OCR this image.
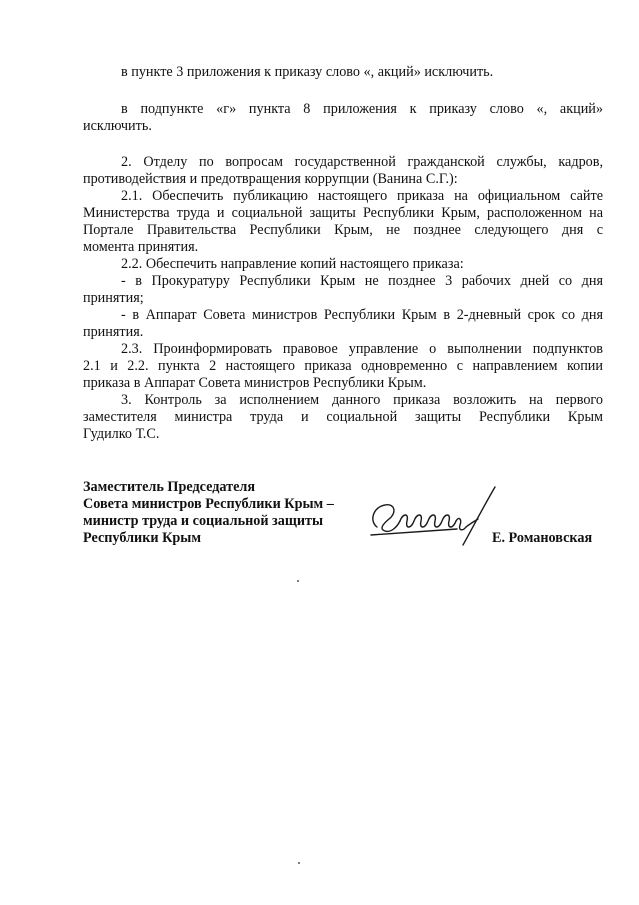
в пункте 3 приложения к приказу слово «, акций» исключить.
в подпункте «г» пункта 8 приложения к приказу слово «, акций»
исключить.
2. Отделу по вопросам государственной гражданской службы, кадров,
противодействия и предотвращения коррупции (Ванина С.Г.):
2.1. Обеспечить публикацию настоящего приказа на официальном сайте
Министерства труда и социальной защиты Республики Крым, расположенном на
Портале Правительства Республики Крым, не позднее следующего дня с
момента принятия.
2.2. Обеспечить направление копий настоящего приказа:
- в Прокуратуру Республики Крым не позднее 3 рабочих дней со дня
принятия;
- в Аппарат Совета министров Республики Крым в 2-дневный срок со дня
принятия.
2.3. Проинформировать правовое управление о выполнении подпунктов
2.1 и 2.2. пункта 2 настоящего приказа одновременно с направлением копии
приказа в Аппарат Совета министров Республики Крым.
3. Контроль за исполнением данного приказа возложить на первого
заместителя министра труда и социальной защиты Республики Крым
Гудилко Т.С.
Заместитель Председателя
Совета министров Республики Крым –
министр труда и социальной защиты
Республики Крым	Е. Романовская
